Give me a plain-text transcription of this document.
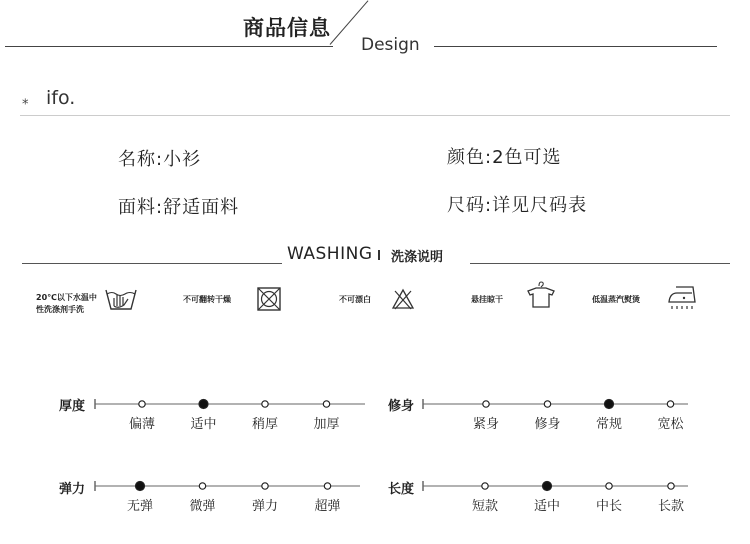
商品信息
Design
⁎ ifo.
名称:小衫	颜色:2色可选
面料:舒适面料	尺码:详见尺码表
WASHING 洗涤说明
20℃以下水温中
性洗涤剂手洗
不可翻转干燥	不可漂白	悬挂晾干	低温蒸汽熨烫
厚度
偏薄	适中	稍厚	加厚
修身
紧身	修身	常规	宽松
弹力
无弹	微弹	弹力	超弹
长度
短款	适中	中长	长款
